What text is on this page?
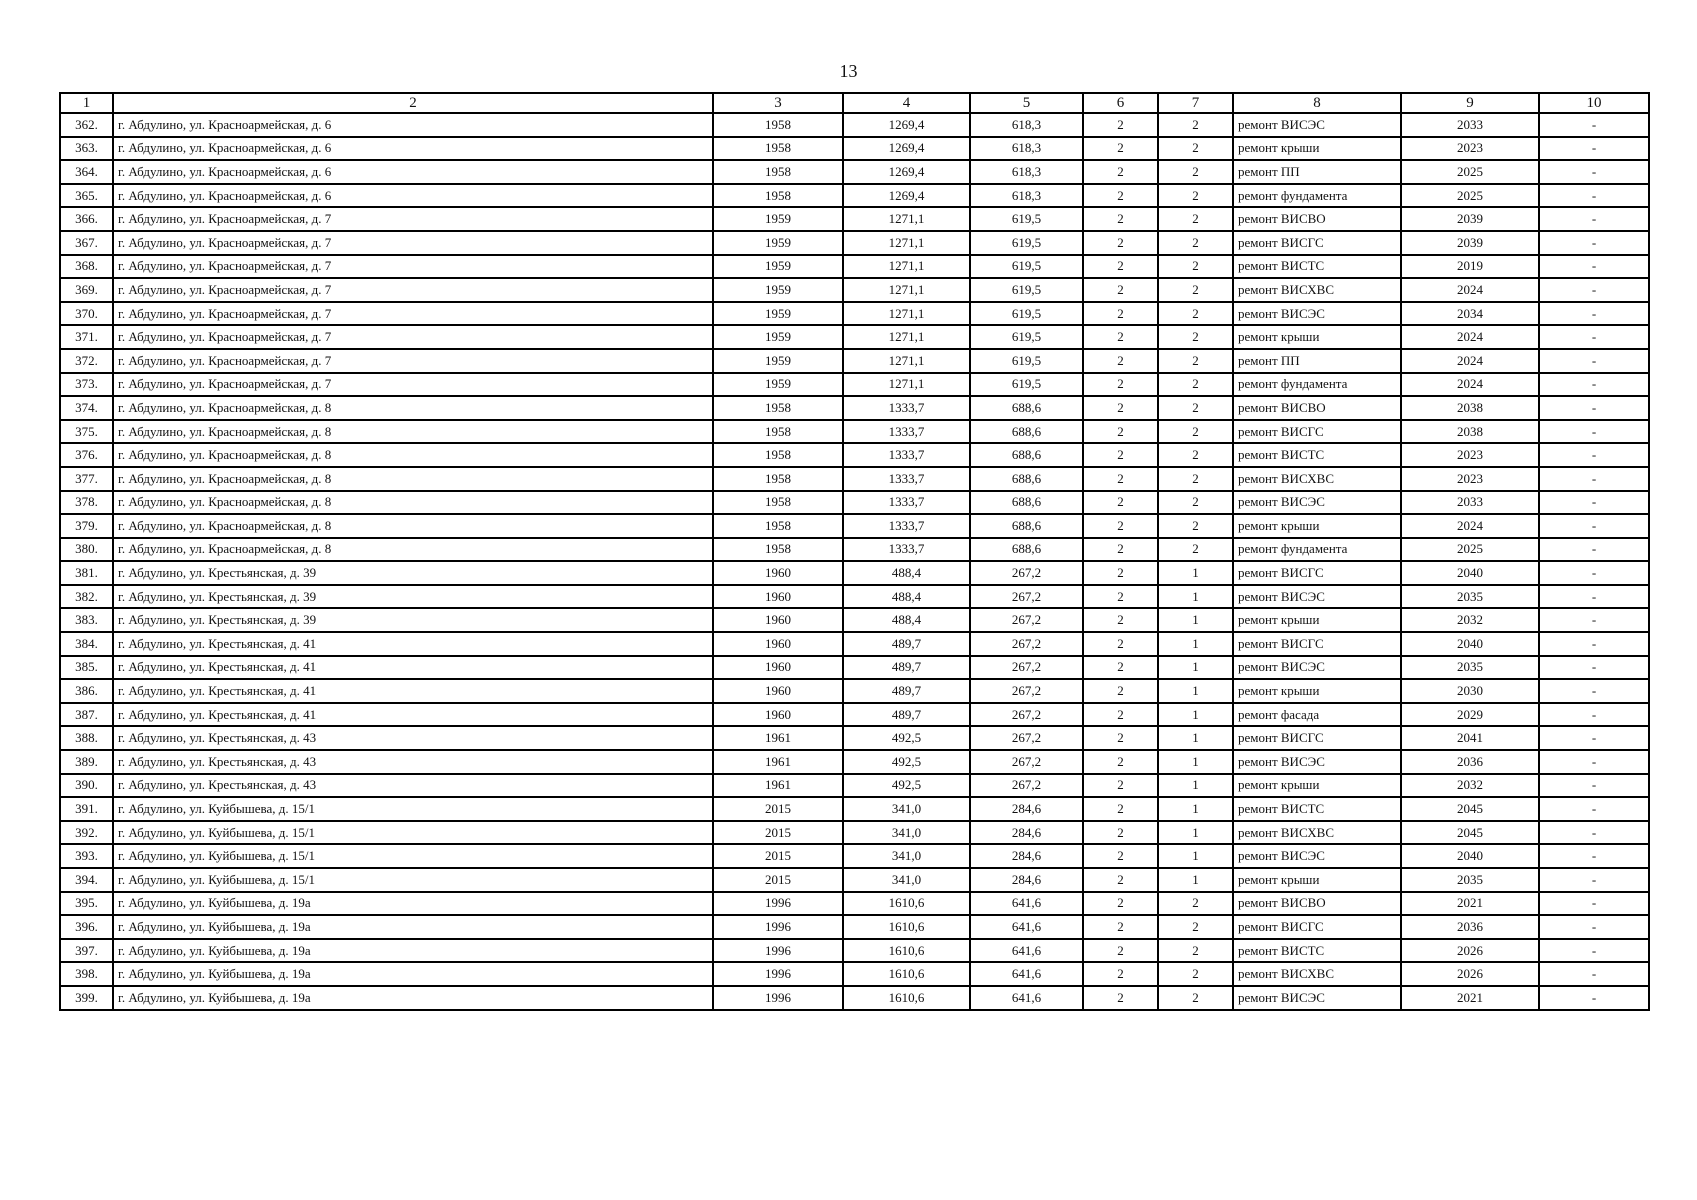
13
1	2	3	4	5	6	7	8	9	10
362.	г. Абдулино, ул. Красноармейская, д. 6	1958	1269,4	618,3	2	2	ремонт ВИСЭС	2033	-
363.	г. Абдулино, ул. Красноармейская, д. 6	1958	1269,4	618,3	2	2	ремонт крыши	2023	-
364.	г. Абдулино, ул. Красноармейская, д. 6	1958	1269,4	618,3	2	2	ремонт ПП	2025	-
365.	г. Абдулино, ул. Красноармейская, д. 6	1958	1269,4	618,3	2	2	ремонт фундамента	2025	-
366.	г. Абдулино, ул. Красноармейская, д. 7	1959	1271,1	619,5	2	2	ремонт ВИСВО	2039	-
367.	г. Абдулино, ул. Красноармейская, д. 7	1959	1271,1	619,5	2	2	ремонт ВИСГС	2039	-
368.	г. Абдулино, ул. Красноармейская, д. 7	1959	1271,1	619,5	2	2	ремонт ВИСТС	2019	-
369.	г. Абдулино, ул. Красноармейская, д. 7	1959	1271,1	619,5	2	2	ремонт ВИСХВС	2024	-
370.	г. Абдулино, ул. Красноармейская, д. 7	1959	1271,1	619,5	2	2	ремонт ВИСЭС	2034	-
371.	г. Абдулино, ул. Красноармейская, д. 7	1959	1271,1	619,5	2	2	ремонт крыши	2024	-
372.	г. Абдулино, ул. Красноармейская, д. 7	1959	1271,1	619,5	2	2	ремонт ПП	2024	-
373.	г. Абдулино, ул. Красноармейская, д. 7	1959	1271,1	619,5	2	2	ремонт фундамента	2024	-
374.	г. Абдулино, ул. Красноармейская, д. 8	1958	1333,7	688,6	2	2	ремонт ВИСВО	2038	-
375.	г. Абдулино, ул. Красноармейская, д. 8	1958	1333,7	688,6	2	2	ремонт ВИСГС	2038	-
376.	г. Абдулино, ул. Красноармейская, д. 8	1958	1333,7	688,6	2	2	ремонт ВИСТС	2023	-
377.	г. Абдулино, ул. Красноармейская, д. 8	1958	1333,7	688,6	2	2	ремонт ВИСХВС	2023	-
378.	г. Абдулино, ул. Красноармейская, д. 8	1958	1333,7	688,6	2	2	ремонт ВИСЭС	2033	-
379.	г. Абдулино, ул. Красноармейская, д. 8	1958	1333,7	688,6	2	2	ремонт крыши	2024	-
380.	г. Абдулино, ул. Красноармейская, д. 8	1958	1333,7	688,6	2	2	ремонт фундамента	2025	-
381.	г. Абдулино, ул. Крестьянская, д. 39	1960	488,4	267,2	2	1	ремонт ВИСГС	2040	-
382.	г. Абдулино, ул. Крестьянская, д. 39	1960	488,4	267,2	2	1	ремонт ВИСЭС	2035	-
383.	г. Абдулино, ул. Крестьянская, д. 39	1960	488,4	267,2	2	1	ремонт крыши	2032	-
384.	г. Абдулино, ул. Крестьянская, д. 41	1960	489,7	267,2	2	1	ремонт ВИСГС	2040	-
385.	г. Абдулино, ул. Крестьянская, д. 41	1960	489,7	267,2	2	1	ремонт ВИСЭС	2035	-
386.	г. Абдулино, ул. Крестьянская, д. 41	1960	489,7	267,2	2	1	ремонт крыши	2030	-
387.	г. Абдулино, ул. Крестьянская, д. 41	1960	489,7	267,2	2	1	ремонт фасада	2029	-
388.	г. Абдулино, ул. Крестьянская, д. 43	1961	492,5	267,2	2	1	ремонт ВИСГС	2041	-
389.	г. Абдулино, ул. Крестьянская, д. 43	1961	492,5	267,2	2	1	ремонт ВИСЭС	2036	-
390.	г. Абдулино, ул. Крестьянская, д. 43	1961	492,5	267,2	2	1	ремонт крыши	2032	-
391.	г. Абдулино, ул. Куйбышева, д. 15/1	2015	341,0	284,6	2	1	ремонт ВИСТС	2045	-
392.	г. Абдулино, ул. Куйбышева, д. 15/1	2015	341,0	284,6	2	1	ремонт ВИСХВС	2045	-
393.	г. Абдулино, ул. Куйбышева, д. 15/1	2015	341,0	284,6	2	1	ремонт ВИСЭС	2040	-
394.	г. Абдулино, ул. Куйбышева, д. 15/1	2015	341,0	284,6	2	1	ремонт крыши	2035	-
395.	г. Абдулино, ул. Куйбышева, д. 19а	1996	1610,6	641,6	2	2	ремонт ВИСВО	2021	-
396.	г. Абдулино, ул. Куйбышева, д. 19а	1996	1610,6	641,6	2	2	ремонт ВИСГС	2036	-
397.	г. Абдулино, ул. Куйбышева, д. 19а	1996	1610,6	641,6	2	2	ремонт ВИСТС	2026	-
398.	г. Абдулино, ул. Куйбышева, д. 19а	1996	1610,6	641,6	2	2	ремонт ВИСХВС	2026	-
399.	г. Абдулино, ул. Куйбышева, д. 19а	1996	1610,6	641,6	2	2	ремонт ВИСЭС	2021	-
